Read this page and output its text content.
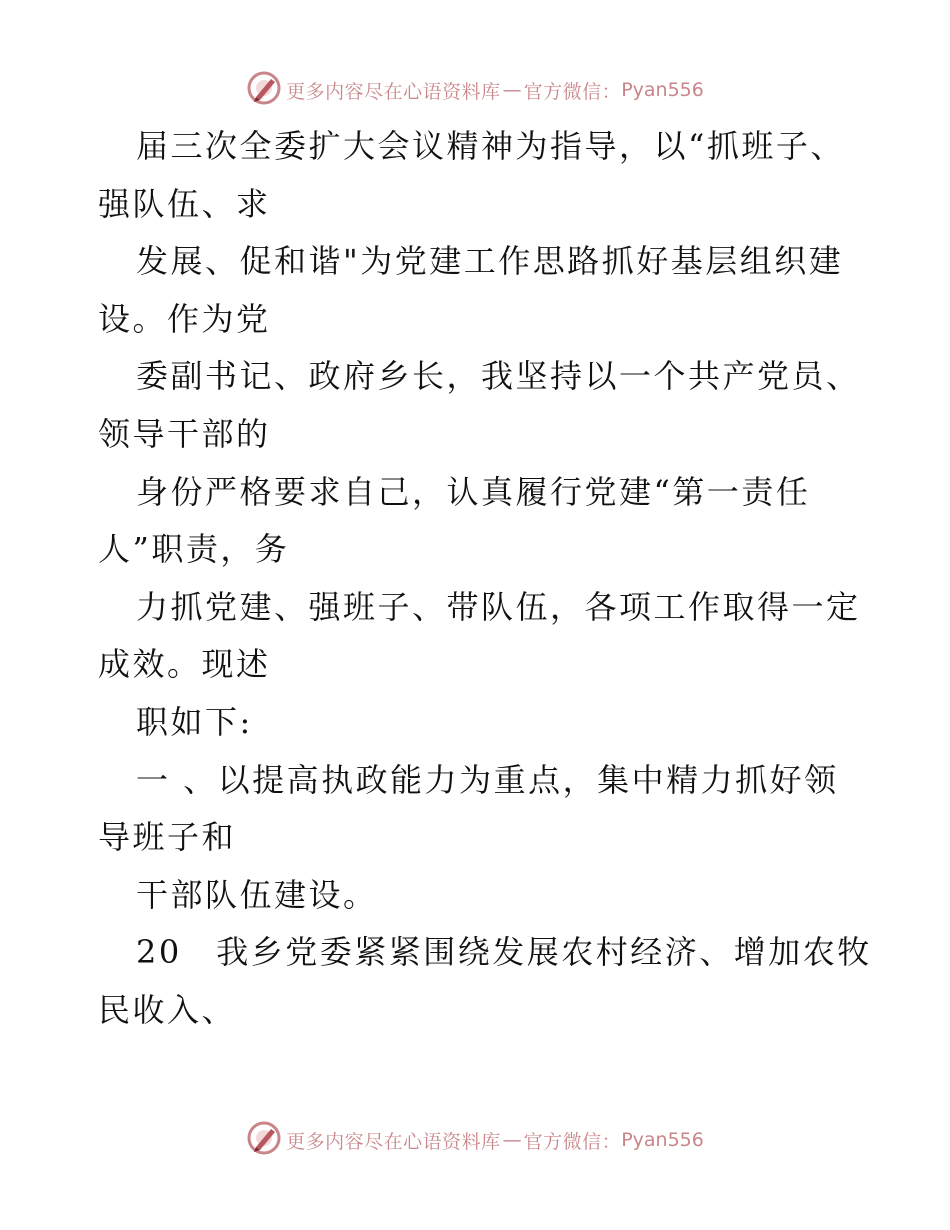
更多内容尽在心语资料库 — 官方微信： Pyan556
届三次全委扩大会议精神为指导，以“抓班子、
强队伍、求
发展、促和谐"为党建工作思路抓好基层组织建
设。作为党
委副书记、政府乡长，我坚持以一个共产党员、
领导干部的
身份严格要求自己，认真履行党建“第一责任
人”职责，务
力抓党建、强班子、带队伍，各项工作取得一定
成效。现述
职如下:
一 、以提高执政能力为重点，集中精力抓好领
导班子和
干部队伍建设。
20　我乡党委紧紧围绕发展农村经济、增加农牧
民收入、
更多内容尽在心语资料库 — 官方微信： Pyan556
